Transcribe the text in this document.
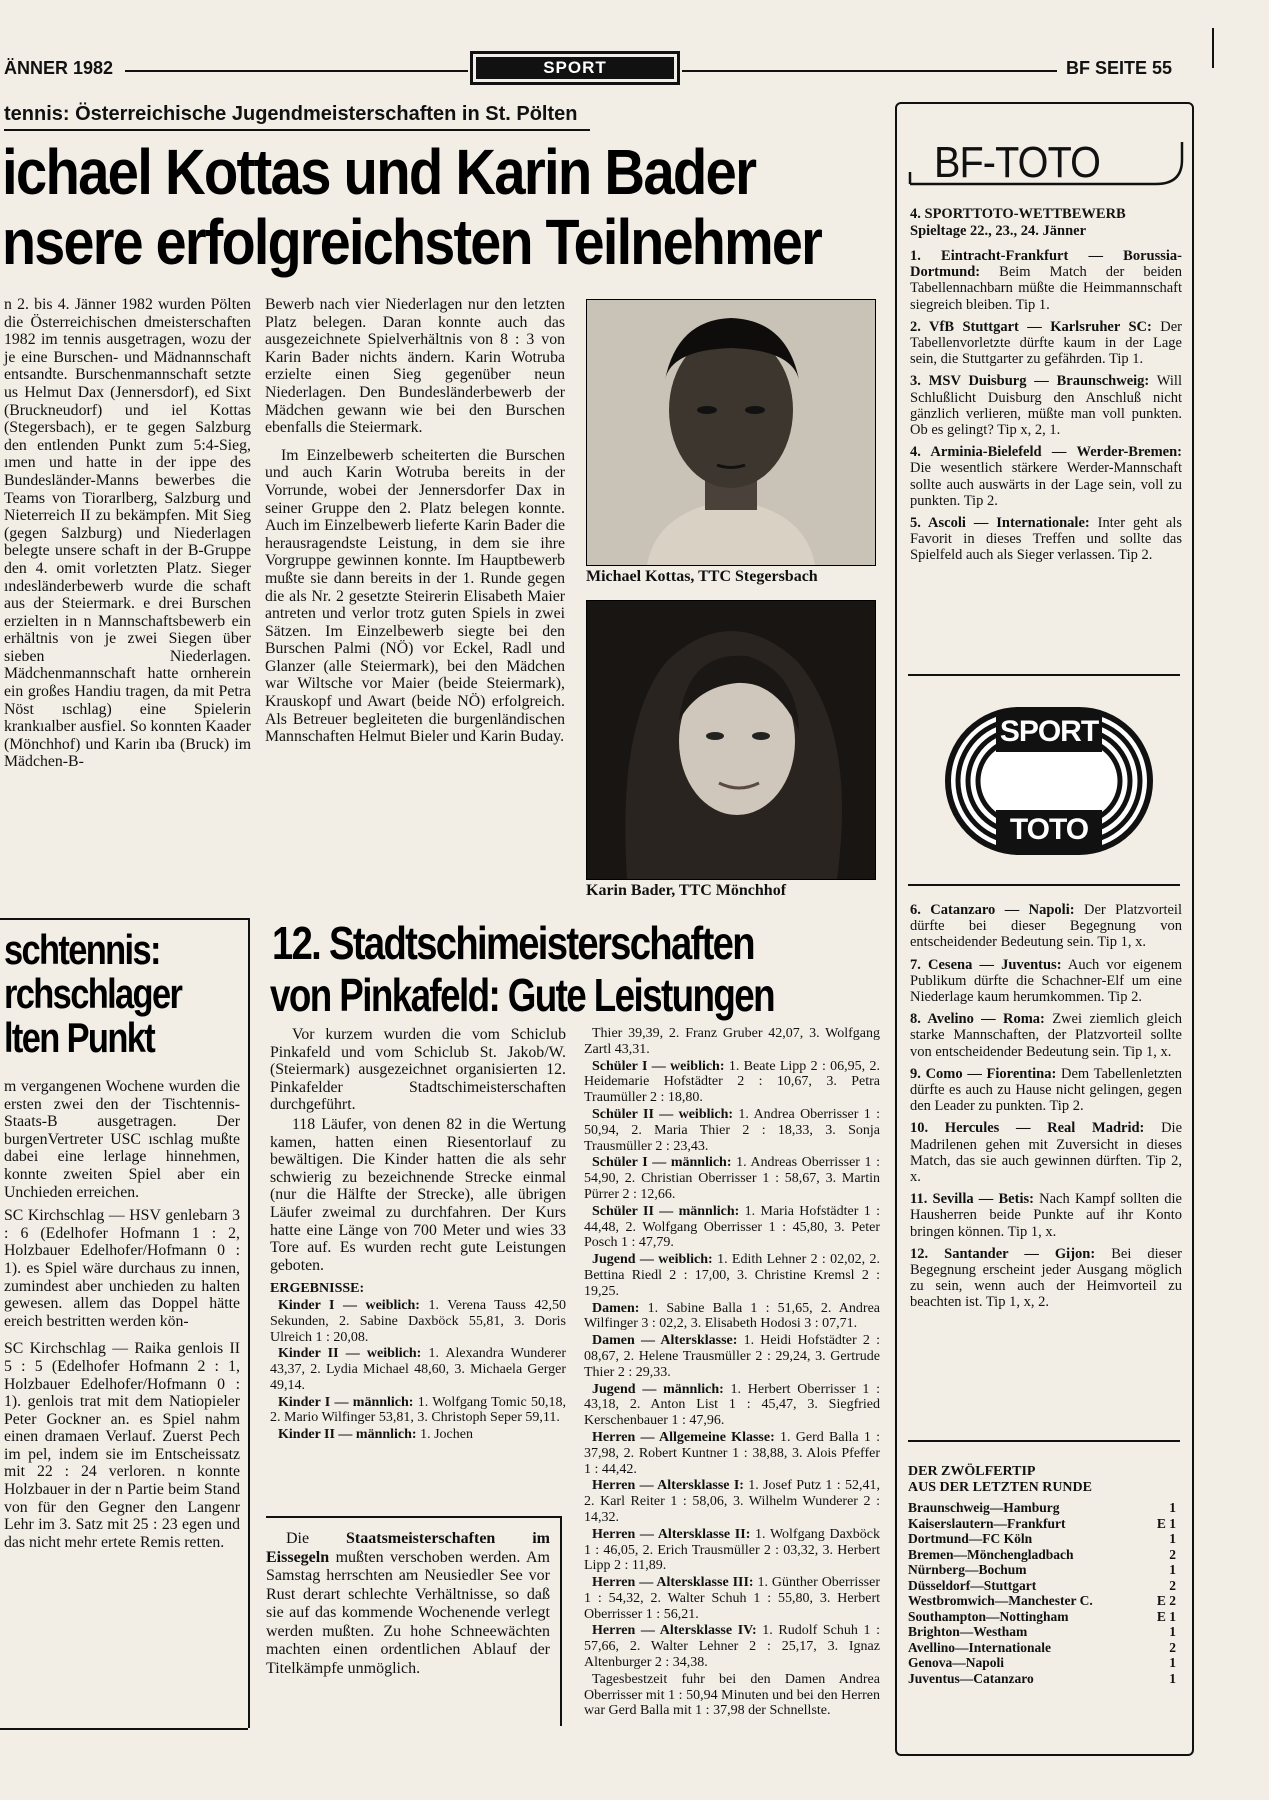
ÄNNER 1982	SPORT	BF SEITE 55
tennis: Österreichische Jugendmeisterschaften in St. Pölten
ichael Kottas und Karin Bader
nsere erfolgreichsten Teilnehmer

n 2. bis 4. Jänner 1982 wurden Pölten die Österreichischen dmeisterschaften 1982 im tennis ausgetragen, wozu der je eine Burschen- und Mädnannschaft entsandte. Burschenmannschaft setzte us Helmut Dax (Jennersdorf), ed Sixt (Bruckneudorf) und iel Kottas (Stegersbach), er te gegen Salzburg den entlenden Punkt zum 5:4-Sieg, ımen und hatte in der ippe des Bundesländer-Manns bewerbes die Teams von Tiorarlberg, Salzburg und Nieterreich II zu bekämpfen. Mit Sieg (gegen Salzburg) und Niederlagen belegte unsere schaft in der B-Gruppe den 4. omit vorletzten Platz. Sieger ındesländerbewerb wurde die schaft aus der Steiermark. e drei Burschen erzielten in n Mannschaftsbewerb ein erhältnis von je zwei Siegen über sieben Niederlagen. Mädchenmannschaft hatte ornherein ein großes Handiu tragen, da mit Petra Nöst ıschlag) eine Spielerin krankıalber ausfiel. So konnten Kaader (Mönchhof) und Karin ıba (Bruck) im Mädchen-B-

Bewerb nach vier Niederlagen nur den letzten Platz belegen. Daran konnte auch das ausgezeichnete Spielverhältnis von 8 : 3 von Karin Bader nichts ändern. Karin Wotruba erzielte einen Sieg gegenüber neun Niederlagen. Den Bundesländerbewerb der Mädchen gewann wie bei den Burschen ebenfalls die Steiermark.

Im Einzelbewerb scheiterten die Burschen und auch Karin Wotruba bereits in der Vorrunde, wobei der Jennersdorfer Dax in seiner Gruppe den 2. Platz belegen konnte. Auch im Einzelbewerb lieferte Karin Bader die herausragendste Leistung, in dem sie ihre Vorgruppe gewinnen konnte. Im Hauptbewerb mußte sie dann bereits in der 1. Runde gegen die als Nr. 2 gesetzte Steirerin Elisabeth Maier antreten und verlor trotz guten Spiels in zwei Sätzen. Im Einzelbewerb siegte bei den Burschen Palmi (NÖ) vor Eckel, Radl und Glanzer (alle Steiermark), bei den Mädchen war Wiltsche vor Maier (beide Steiermark), Krauskopf und Awart (beide NÖ) erfolgreich. Als Betreuer begleiteten die burgenländischen Mannschaften Helmut Bieler und Karin Buday.

Michael Kottas, TTC Stegersbach
Karin Bader, TTC Mönchhof
schtennis:
rchschlager
lten Punkt

m vergangenen Wochene wurden die ersten zwei den der Tischtennis-Staats-B ausgetragen. Der burgenVertreter USC ıschlag mußte dabei eine lerlage hinnehmen, konnte zweiten Spiel aber ein Unchieden erreichen.

SC Kirchschlag — HSV genlebarn 3 : 6 (Edelhofer Hofmann 1 : 2, Holzbauer Edelhofer/Hofmann 0 : 1). es Spiel wäre durchaus zu innen, zumindest aber unchieden zu halten gewesen. allem das Doppel hätte ereich bestritten werden kön-

SC Kirchschlag — Raika genlois II 5 : 5 (Edelhofer Hofmann 2 : 1, Holzbauer Edelhofer/Hofmann 0 : 1). genlois trat mit dem Natiopieler Peter Gockner an. es Spiel nahm einen dramaen Verlauf. Zuerst Pech im pel, indem sie im Entscheissatz mit 22 : 24 verloren. n konnte Holzbauer in der n Partie beim Stand von für den Gegner den Langenr Lehr im 3. Satz mit 25 : 23 egen und das nicht mehr ertete Remis retten.

12. Stadtschimeisterschaften
von Pinkafeld: Gute Leistungen

Vor kurzem wurden die vom Schiclub Pinkafeld und vom Schiclub St. Jakob/W. (Steiermark) ausgezeichnet organisierten 12. Pinkafelder Stadtschimeisterschaften durchgeführt.

118 Läufer, von denen 82 in die Wertung kamen, hatten einen Riesentorlauf zu bewältigen. Die Kinder hatten die als sehr schwierig zu bezeichnende Strecke einmal (nur die Hälfte der Strecke), alle übrigen Läufer zweimal zu durchfahren. Der Kurs hatte eine Länge von 700 Meter und wies 33 Tore auf. Es wurden recht gute Leistungen geboten.

ERGEBNISSE:
Kinder I — weiblich: 1. Verena Tauss 42,50 Sekunden, 2. Sabine Daxböck 55,81, 3. Doris Ulreich 1 : 20,08.
Kinder II — weiblich: 1. Alexandra Wunderer 43,37, 2. Lydia Michael 48,60, 3. Michaela Gerger 49,14.
Kinder I — männlich: 1. Wolfgang Tomic 50,18, 2. Mario Wilfinger 53,81, 3. Christoph Seper 59,11.
Kinder II — männlich: 1. Jochen
Thier 39,39, 2. Franz Gruber 42,07, 3. Wolfgang Zartl 43,31.
Schüler I — weiblich: 1. Beate Lipp 2 : 06,95, 2. Heidemarie Hofstädter 2 : 10,67, 3. Petra Traumüller 2 : 18,80.
Schüler II — weiblich: 1. Andrea Oberrisser 1 : 50,94, 2. Maria Thier 2 : 18,33, 3. Sonja Trausmüller 2 : 23,43.
Schüler I — männlich: 1. Andreas Oberrisser 1 : 54,90, 2. Christian Oberrisser 1 : 58,67, 3. Martin Pürrer 2 : 12,66.
Schüler II — männlich: 1. Maria Hofstädter 1 : 44,48, 2. Wolfgang Oberrisser 1 : 45,80, 3. Peter Posch 1 : 47,79.
Jugend — weiblich: 1. Edith Lehner 2 : 02,02, 2. Bettina Riedl 2 : 17,00, 3. Christine Kremsl 2 : 19,25.
Damen: 1. Sabine Balla 1 : 51,65, 2. Andrea Wilfinger 3 : 02,2, 3. Elisabeth Hodosi 3 : 07,71.
Damen — Altersklasse: 1. Heidi Hofstädter 2 : 08,67, 2. Helene Trausmüller 2 : 29,24, 3. Gertrude Thier 2 : 29,33.
Jugend — männlich: 1. Herbert Oberrisser 1 : 43,18, 2. Anton List 1 : 45,47, 3. Siegfried Kerschenbauer 1 : 47,96.
Herren — Allgemeine Klasse: 1. Gerd Balla 1 : 37,98, 2. Robert Kuntner 1 : 38,88, 3. Alois Pfeffer 1 : 44,42.
Herren — Altersklasse I: 1. Josef Putz 1 : 52,41, 2. Karl Reiter 1 : 58,06, 3. Wilhelm Wunderer 2 : 14,32.
Herren — Altersklasse II: 1. Wolfgang Daxböck 1 : 46,05, 2. Erich Trausmüller 2 : 03,32, 3. Herbert Lipp 2 : 11,89.
Herren — Altersklasse III: 1. Günther Oberrisser 1 : 54,32, 2. Walter Schuh 1 : 55,80, 3. Herbert Oberrisser 1 : 56,21.
Herren — Altersklasse IV: 1. Rudolf Schuh 1 : 57,66, 2. Walter Lehner 2 : 25,17, 3. Ignaz Altenburger 2 : 34,38.
Tagesbestzeit fuhr bei den Damen Andrea Oberrisser mit 1 : 50,94 Minuten und bei den Herren war Gerd Balla mit 1 : 37,98 der Schnellste.
Die Staatsmeisterschaften im Eissegeln mußten verschoben werden. Am Samstag herrschten am Neusiedler See vor Rust derart schlechte Verhältnisse, so daß sie auf das kommende Wochenende verlegt werden mußten. Zu hohe Schneewächten machten einen ordentlichen Ablauf der Titelkämpfe unmöglich.
BF-TOTO
4. SPORTTOTO-WETTBEWERB
Spieltage 22., 23., 24. Jänner
1. Eintracht-Frankfurt — Borussia-Dortmund: Beim Match der beiden Tabellennachbarn müßte die Heimmannschaft siegreich bleiben. Tip 1.
2. VfB Stuttgart — Karlsruher SC: Der Tabellenvorletzte dürfte kaum in der Lage sein, die Stuttgarter zu gefährden. Tip 1.
3. MSV Duisburg — Braunschweig: Will Schlußlicht Duisburg den Anschluß nicht gänzlich verlieren, müßte man voll punkten. Ob es gelingt? Tip x, 2, 1.
4. Arminia-Bielefeld — Werder-Bremen: Die wesentlich stärkere Werder-Mannschaft sollte auch auswärts in der Lage sein, voll zu punkten. Tip 2.
5. Ascoli — Internationale: Inter geht als Favorit in dieses Treffen und sollte das Spielfeld auch als Sieger verlassen. Tip 2.
SPORT
TOTO
6. Catanzaro — Napoli: Der Platzvorteil dürfte bei dieser Begegnung von entscheidender Bedeutung sein. Tip 1, x.
7. Cesena — Juventus: Auch vor eigenem Publikum dürfte die Schachner-Elf um eine Niederlage kaum herumkommen. Tip 2.
8. Avelino — Roma: Zwei ziemlich gleich starke Mannschaften, der Platzvorteil sollte von entscheidender Bedeutung sein. Tip 1, x.
9. Como — Fiorentina: Dem Tabellenletzten dürfte es auch zu Hause nicht gelingen, gegen den Leader zu punkten. Tip 2.
10. Hercules — Real Madrid: Die Madrilenen gehen mit Zuversicht in dieses Match, das sie auch gewinnen dürften. Tip 2, x.
11. Sevilla — Betis: Nach Kampf sollten die Hausherren beide Punkte auf ihr Konto bringen können. Tip 1, x.
12. Santander — Gijon: Bei dieser Begegnung erscheint jeder Ausgang möglich zu sein, wenn auch der Heimvorteil zu beachten ist. Tip 1, x, 2.
DER ZWÖLFERTIP
AUS DER LETZTEN RUNDE
Braunschweig—Hamburg	1
Kaiserslautern—Frankfurt	E 1
Dortmund—FC Köln	1
Bremen—Mönchengladbach	2
Nürnberg—Bochum	1
Düsseldorf—Stuttgart	2
Westbromwich—Manchester C.	E 2
Southampton—Nottingham	E 1
Brighton—Westham	1
Avellino—Internationale	2
Genova—Napoli	1
Juventus—Catanzaro	1
